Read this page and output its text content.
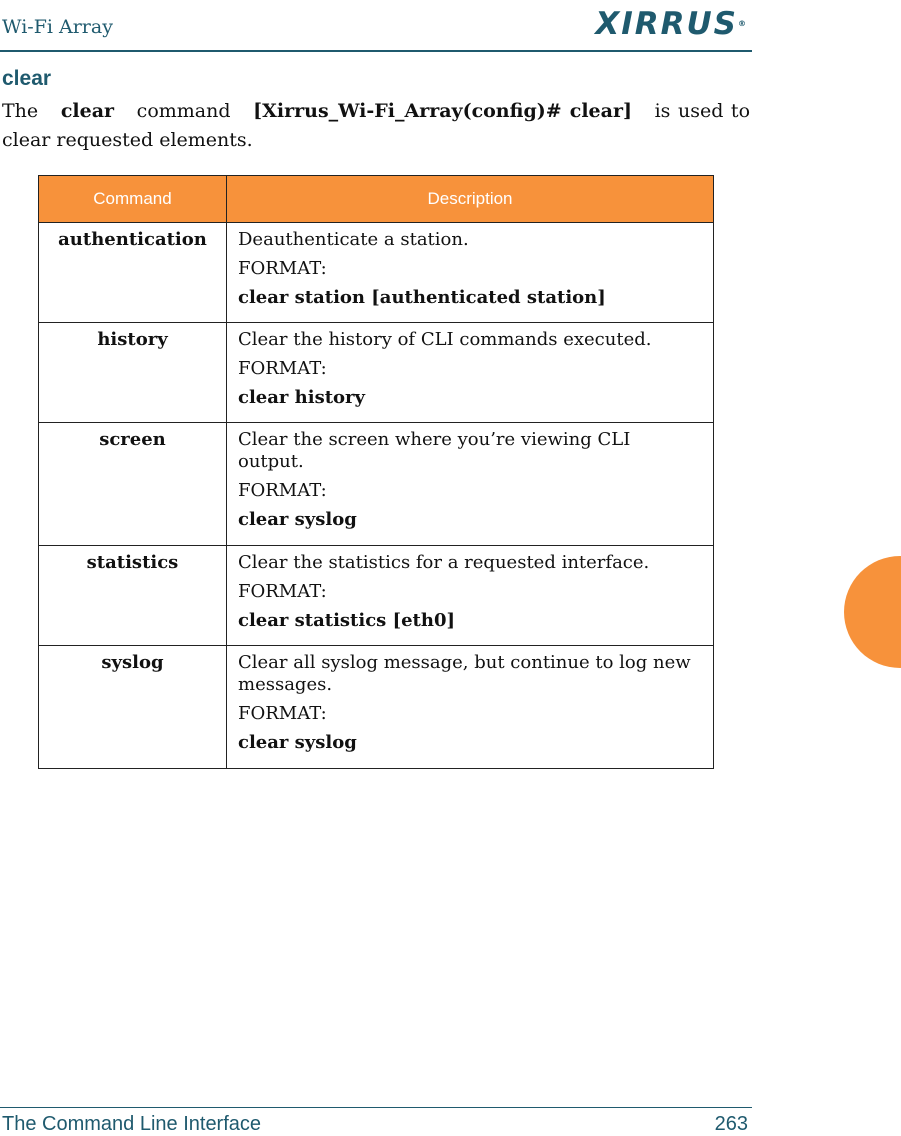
Wi-Fi Array	XIRRUS®
clear
The clear command [Xirrus_Wi-Fi_Array(config)# clear] is used to clear requested elements.
Command	Description
authentication	Deauthenticate a station.
FORMAT:
clear station [authenticated station]

history	Clear the history of CLI commands executed.
FORMAT:
clear history

screen	Clear the screen where you’re viewing CLI output.
FORMAT:
clear syslog

statistics	Clear the statistics for a requested interface.
FORMAT:
clear statistics [eth0]

syslog	Clear all syslog message, but continue to log new messages.
FORMAT:
clear syslog
The Command Line Interface	263
